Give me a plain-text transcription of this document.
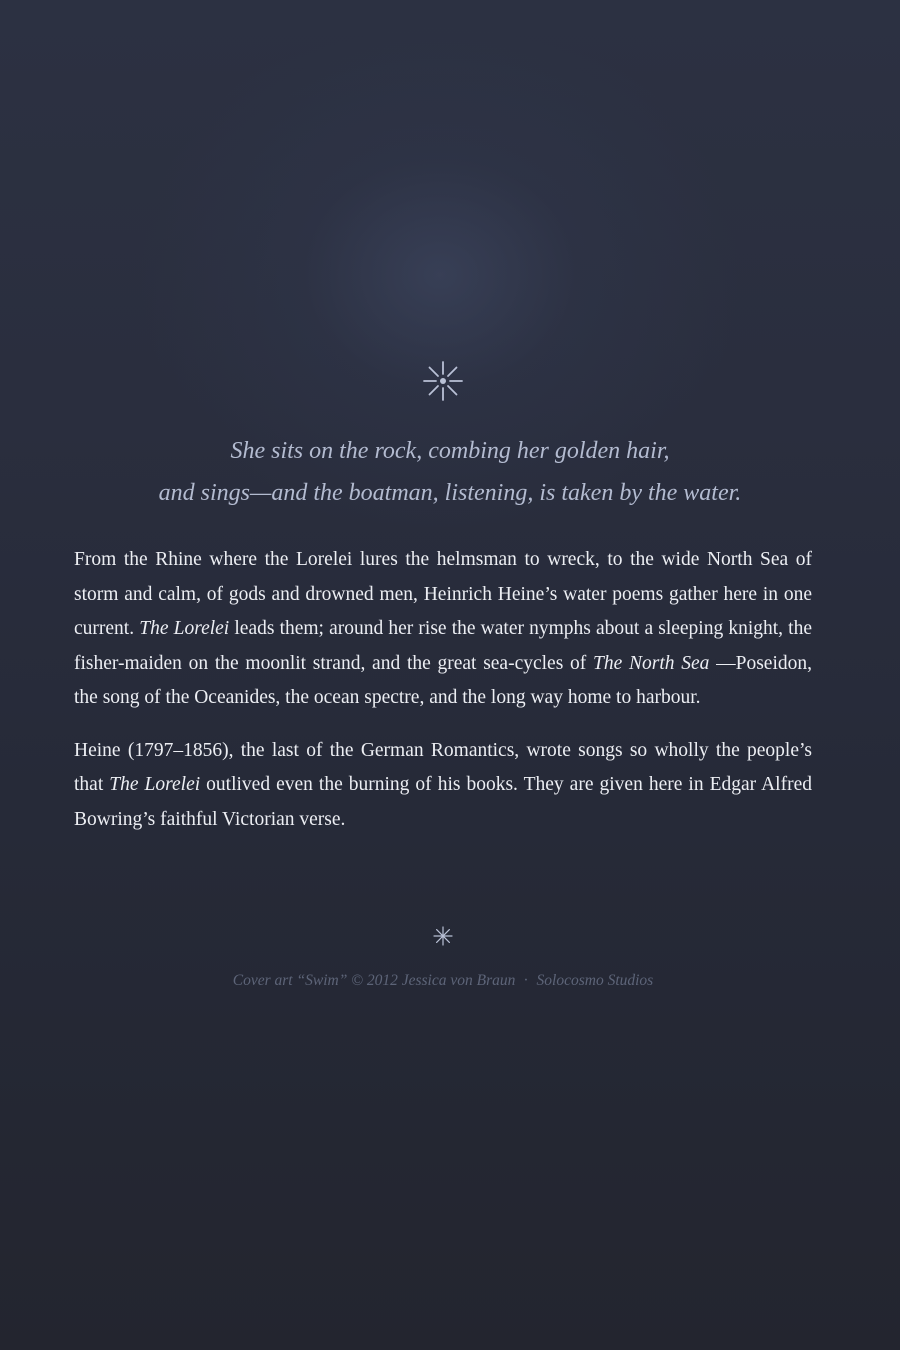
She sits on the rock, combing her golden hair,
and sings—and the boatman, listening, is taken by the water.

From the Rhine where the Lorelei lures the helmsman to wreck, to the wide North Sea of storm and calm, of gods and drowned men, Heinrich Heine’s water poems gather here in one current. The Lorelei leads them; around her rise the water nymphs about a sleeping knight, the fisher-maiden on the moonlit strand, and the great sea-cycles of The North Sea —Poseidon, the song of the Oceanides, the ocean spectre, and the long way home to harbour.

Heine (1797–1856), the last of the German Romantics, wrote songs so wholly the people’s that The Lorelei outlived even the burning of his books. They are given here in Edgar Alfred Bowring’s faithful Victorian verse.

Cover art “Swim” © 2012 Jessica von Braun · Solocosmo Studios
